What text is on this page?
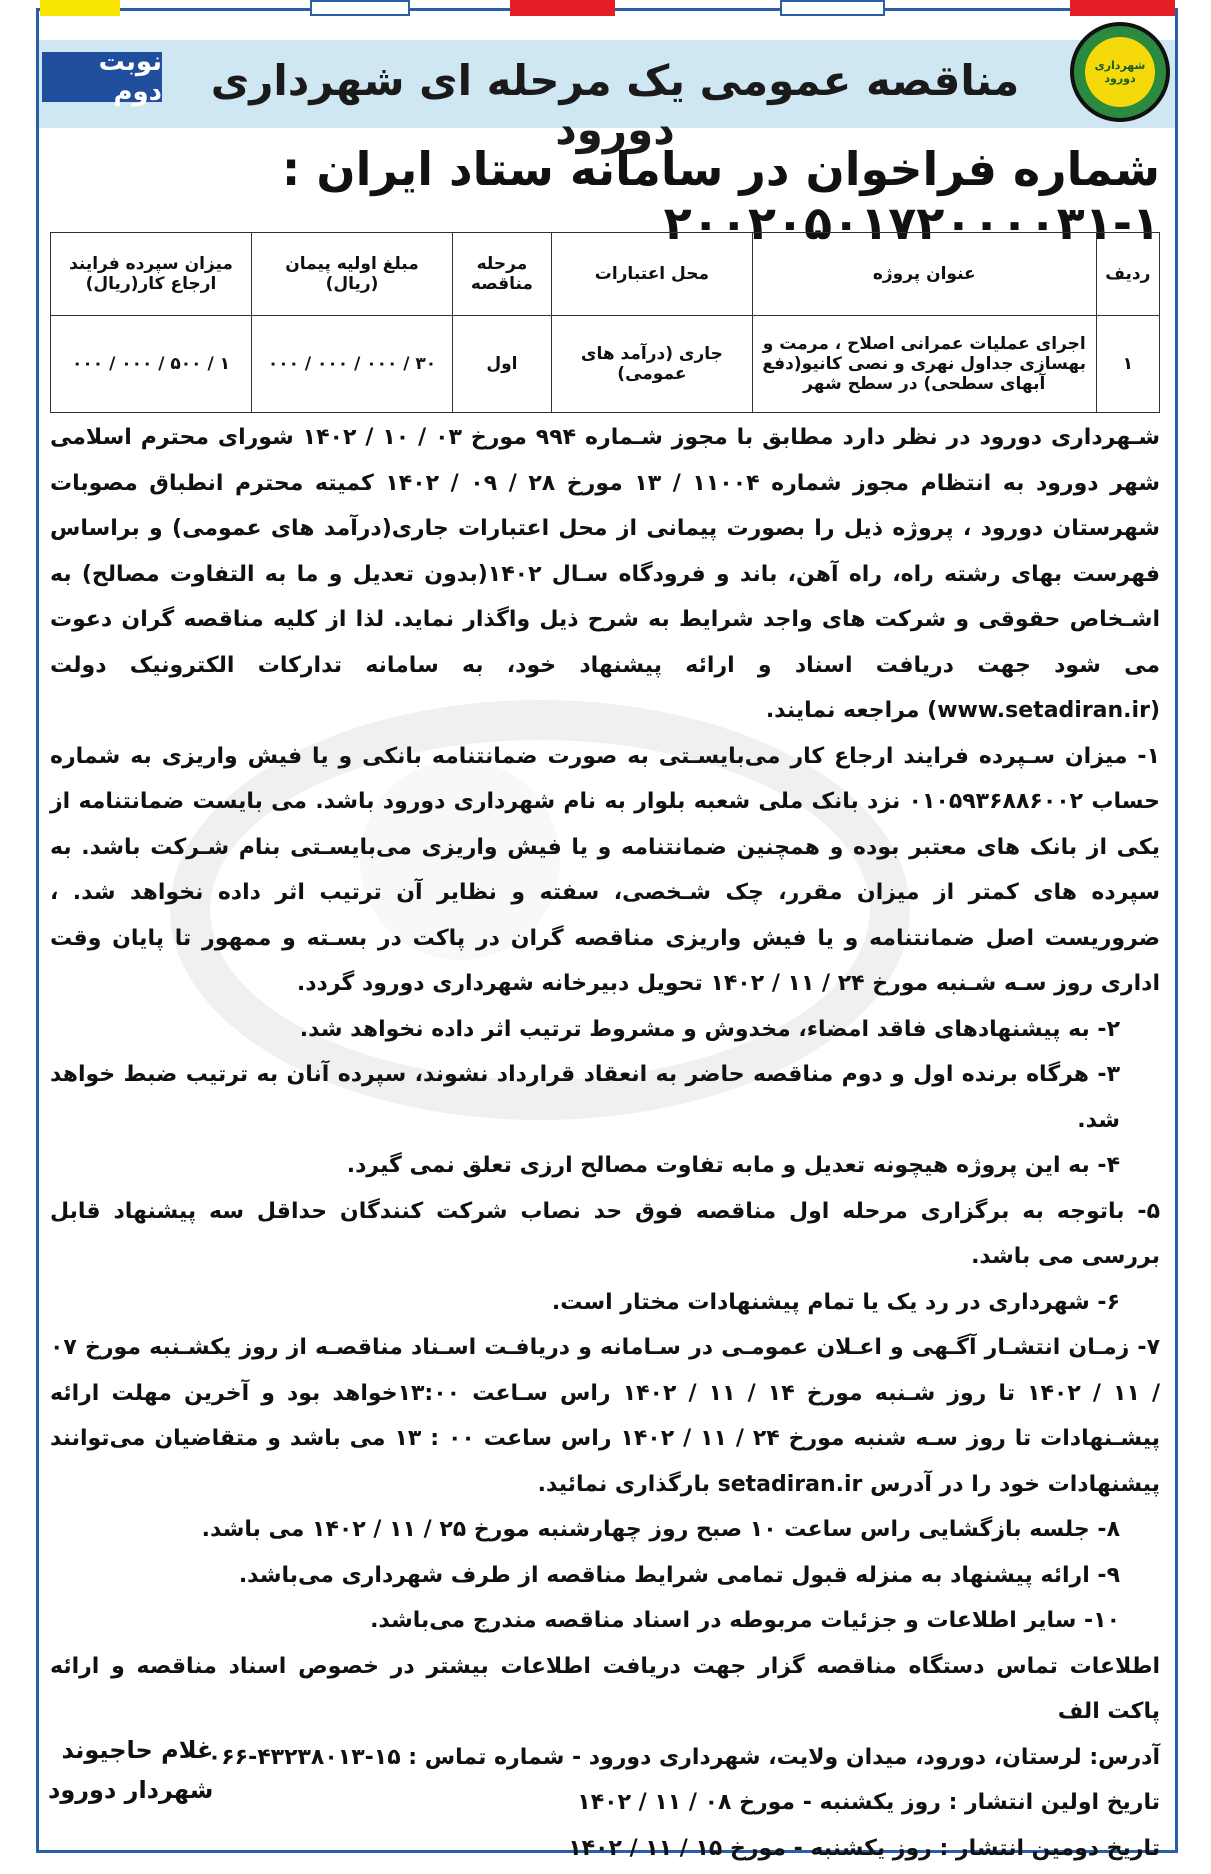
نوبت دوم	مناقصه عمومی یک مرحله ای شهرداری دورود
شهرداری
دورود
شماره فراخوان در سامانه ستاد ایران : ۱-۲۰۰۲۰۵۰۱۷۲۰۰۰۰۳۱
ردیف	عنوان پروژه	محل اعتبارات	مرحله مناقصه	مبلغ اولیه پیمان (ریال)	میزان سپرده فرایند ارجاع کار(ریال)
۱	اجرای عملیات عمرانی اصلاح ، مرمت و بهسازی جداول نهری و نصی کانیو(دفع آبهای سطحی) در سطح شهر	جاری (درآمد های عمومی)	اول	۳۰ / ۰۰۰ / ۰۰۰ / ۰۰۰	۱ / ۵۰۰ / ۰۰۰ / ۰۰۰

شـهرداری دورود در نظر دارد مطابق با مجوز شـماره ۹۹۴ مورخ ۰۳ / ۱۰ / ۱۴۰۲ شورای محترم اسلامی شهر دورود به انتظام مجوز شماره ۱۱۰۰۴ / ۱۳ مورخ ۲۸ / ۰۹ / ۱۴۰۲ کمیته محترم انطباق مصوبات شهرستان دورود ، پروژه ذیل را بصورت پیمانی از محل اعتبارات جاری(درآمد های عمومی) و براساس فهرست بهای رشته راه، راه آهن، باند و فرودگاه سـال ۱۴۰۲(بدون تعدیل و ما به التفاوت مصالح) به اشـخاص حقوقی و شرکت های واجد شرایط به شرح ذیل واگذار نماید. لذا از کلیه مناقصه گران دعوت می شود جهت دریافت اسناد و ارائه پیشنهاد خود، به سامانه تدارکات الکترونیک دولت (www.setadiran.ir) مراجعه نمایند.

۱- میزان سـپرده فرایند ارجاع کار می‌بایسـتی به صورت ضمانتنامه بانکی و یا فیش واریزی به شماره حساب ۰۱۰۵۹۳۶۸۸۶۰۰۲ نزد بانک ملی شعبه بلوار به نام شهرداری دورود باشد. می بایست ضمانتنامه از یکی از بانک های معتبر بوده و همچنین ضمانتنامه و یا فیش واریزی می‌بایسـتی بنام شـرکت باشد. به سپرده های کمتر از میزان مقرر، چک شـخصی، سفته و نظایر آن ترتیب اثر داده نخواهد شد. ، ضروریست اصل ضمانتنامه و یا فیش واریزی مناقصه گران در پاکت در بسـته و ممهور تا پایان وقت اداری روز سـه شـنبه مورخ ۲۴ / ۱۱ / ۱۴۰۲ تحویل دبیرخانه شهرداری دورود گردد.

۲- به پیشنهادهای فاقد امضاء، مخدوش و مشروط ترتیب اثر داده نخواهد شد.

۳- هرگاه برنده اول و دوم مناقصه حاضر به انعقاد قرارداد نشوند، سپرده آنان به ترتیب ضبط خواهد شد.

۴- به این پروژه هیچونه تعدیل و مابه تفاوت مصالح ارزی تعلق نمی گیرد.

۵- باتوجه به برگزاری مرحله اول مناقصه فوق حد نصاب شرکت کنندگان حداقل سه پیشنهاد قابل بررسی می باشد.

۶- شهرداری در رد یک یا تمام پیشنهادات مختار است.

۷- زمـان انتشـار آگـهی و اعـلان عمومـی در سـامانه و دریافـت اسـناد مناقصـه از روز یکشـنبه مورخ ۰۷ / ۱۱ / ۱۴۰۲ تا روز شـنبه مورخ ۱۴ / ۱۱ / ۱۴۰۲ راس سـاعت ۱۳:۰۰خواهد بود و آخرین مهلت ارائه پیشـنهادات تا روز سـه شنبه مورخ ۲۴ / ۱۱ / ۱۴۰۲ راس ساعت ۰۰ : ۱۳ می باشد و متقاضیان می‌توانند پیشنهادات خود را در آدرس setadiran.ir بارگذاری نمائید.

۸- جلسه بازگشایی راس ساعت ۱۰ صبح روز چهارشنبه مورخ ۲۵ / ۱۱ / ۱۴۰۲ می باشد.

۹- ارائه پیشنهاد به منزله قبول تمامی شرایط مناقصه از طرف شهرداری می‌باشد.

۱۰- سایر اطلاعات و جزئیات مربوطه در اسناد مناقصه مندرج می‌باشد.

اطلاعات تماس دستگاه مناقصه گزار جهت دریافت اطلاعات بیشتر در خصوص اسناد مناقصه و ارائه پاکت الف

آدرس: لرستان، دورود، میدان ولایت، شهرداری دورود - شماره تماس : ۱۵-۴۳۲۳۸۰۱۳-۰۶۶

تاریخ اولین انتشار : روز یکشنبه - مورخ ۰۸ / ۱۱ / ۱۴۰۲

تاریخ دومین انتشار : روز یکشنبه - مورخ ۱۵ / ۱۱ / ۱۴۰۲

غلام حاجیوند
شهردار دورود
